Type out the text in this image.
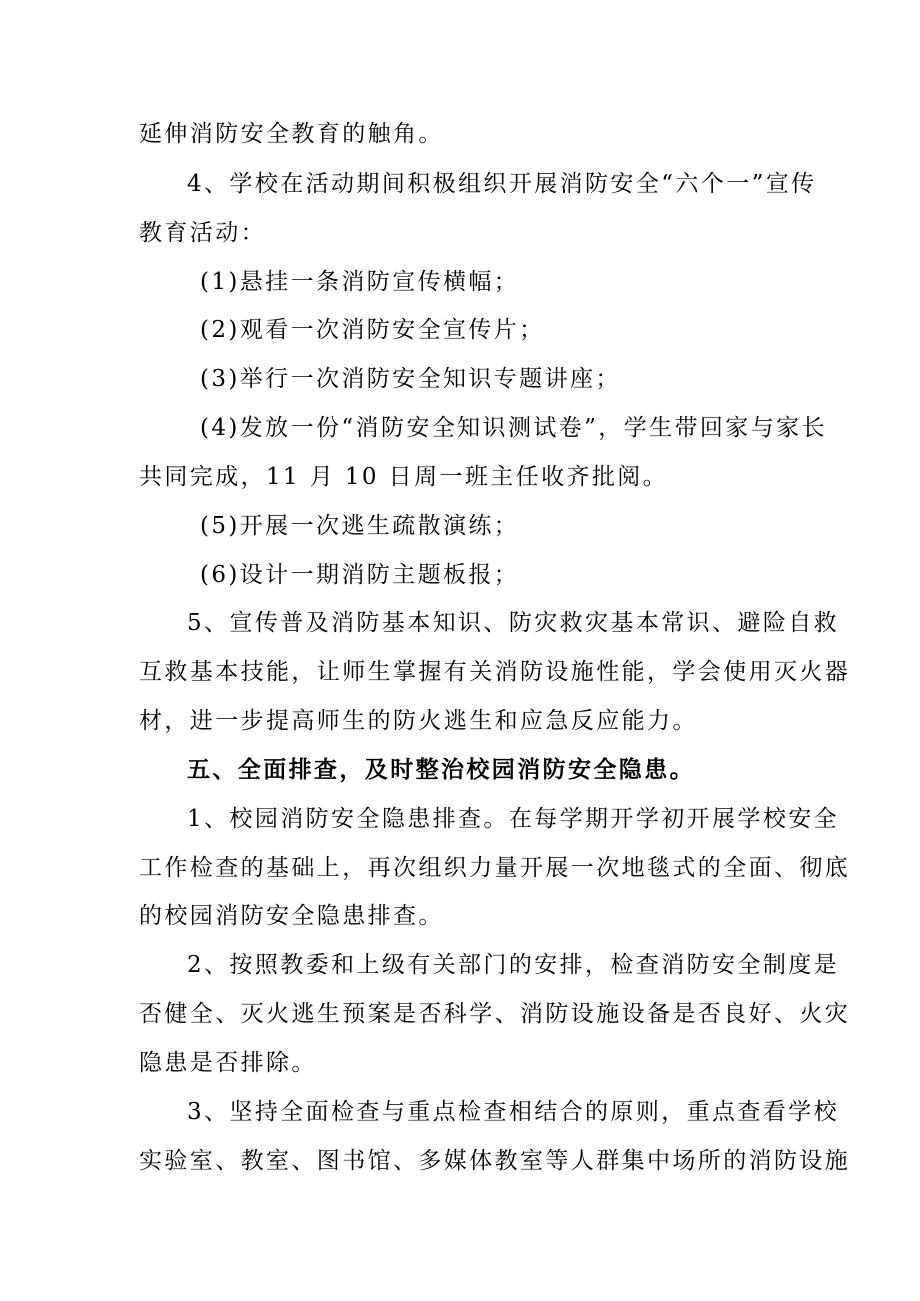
延伸消防安全教育的触角。
4、学校在活动期间积极组织开展消防安全“六个一”宣传
教育活动：
(1)悬挂一条消防宣传横幅；
(2)观看一次消防安全宣传片；
(3)举行一次消防安全知识专题讲座；
(4)发放一份“消防安全知识测试卷”，学生带回家与家长
共同完成，11 月 10 日周一班主任收齐批阅。
(5)开展一次逃生疏散演练；
(6)设计一期消防主题板报；
5、宣传普及消防基本知识、防灾救灾基本常识、避险自救
互救基本技能，让师生掌握有关消防设施性能，学会使用灭火器
材，进一步提高师生的防火逃生和应急反应能力。
五、全面排查，及时整治校园消防安全隐患。
1、校园消防安全隐患排查。在每学期开学初开展学校安全
工作检查的基础上，再次组织力量开展一次地毯式的全面、彻底
的校园消防安全隐患排查。
2、按照教委和上级有关部门的安排，检查消防安全制度是
否健全、灭火逃生预案是否科学、消防设施设备是否良好、火灾
隐患是否排除。
3、坚持全面检查与重点检查相结合的原则，重点查看学校
实验室、教室、图书馆、多媒体教室等人群集中场所的消防设施
